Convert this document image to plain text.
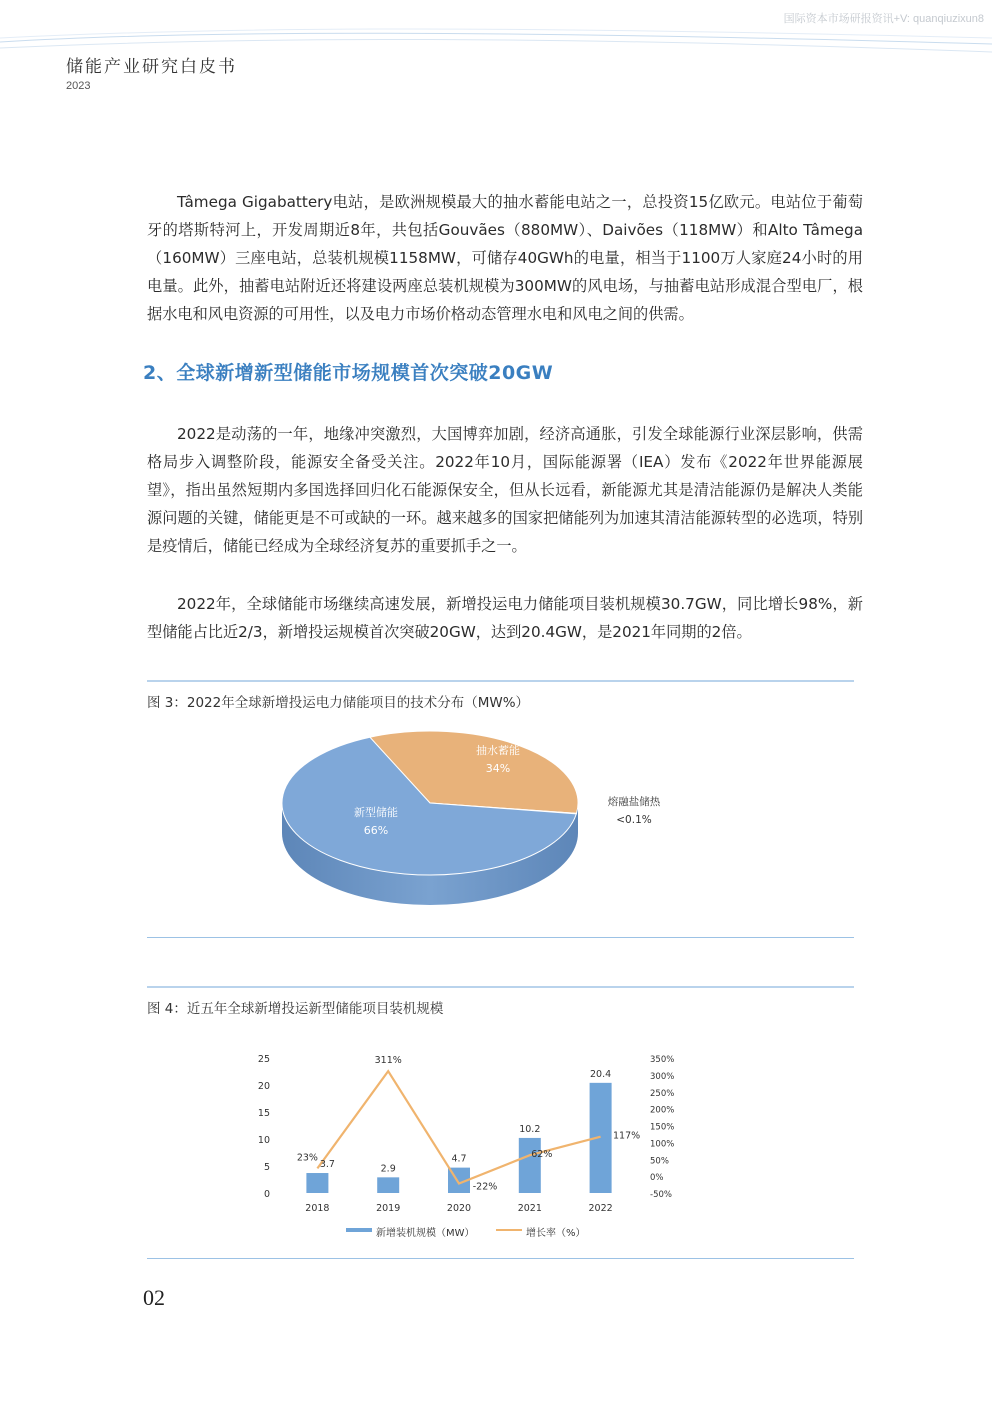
国际资本市场研报资讯+V: quanqiuzixun8
储能产业研究白皮书
2023
Tâmega Gigabattery电站，是欧洲规模最大的抽水蓄能电站之一，总投资15亿欧元。电站位于葡萄牙的塔斯特河上，开发周期近8年，共包括Gouvães（880MW）、Daivões（118MW）和Alto Tâmega（160MW）三座电站，总装机规模1158MW，可储存40GWh的电量，相当于1100万人家庭24小时的用电量。此外，抽蓄电站附近还将建设两座总装机规模为300MW的风电场，与抽蓄电站形成混合型电厂，根据水电和风电资源的可用性，以及电力市场价格动态管理水电和风电之间的供需。
2、全球新增新型储能市场规模首次突破20GW
2022是动荡的一年，地缘冲突激烈，大国博弈加剧，经济高通胀，引发全球能源行业深层影响，供需格局步入调整阶段，能源安全备受关注。2022年10月，国际能源署（IEA）发布《2022年世界能源展望》，指出虽然短期内多国选择回归化石能源保安全，但从长远看，新能源尤其是清洁能源仍是解决人类能源问题的关键，储能更是不可或缺的一环。越来越多的国家把储能列为加速其清洁能源转型的必选项，特别是疫情后，储能已经成为全球经济复苏的重要抓手之一。
2022年，全球储能市场继续高速发展，新增投运电力储能项目装机规模30.7GW，同比增长98%，新型储能占比近2/3，新增投运规模首次突破20GW，达到20.4GW，是2021年同期的2倍。
图 3：2022年全球新增投运电力储能项目的技术分布（MW%）
抽水蓄能
34%
新型储能
66%
熔融盐储热
<0.1%
图 4：近五年全球新增投运新型储能项目装机规模
25
20
15
10
5
0
350%
300%
250%
200%
150%
100%
50%
0%
-50%
2018	2019	2020	2021	2022
3.7	2.9
4.7
10.2
20.4
23%
311%
-22%
62%
117%
新增装机规模（MW）	增长率（%）
02
